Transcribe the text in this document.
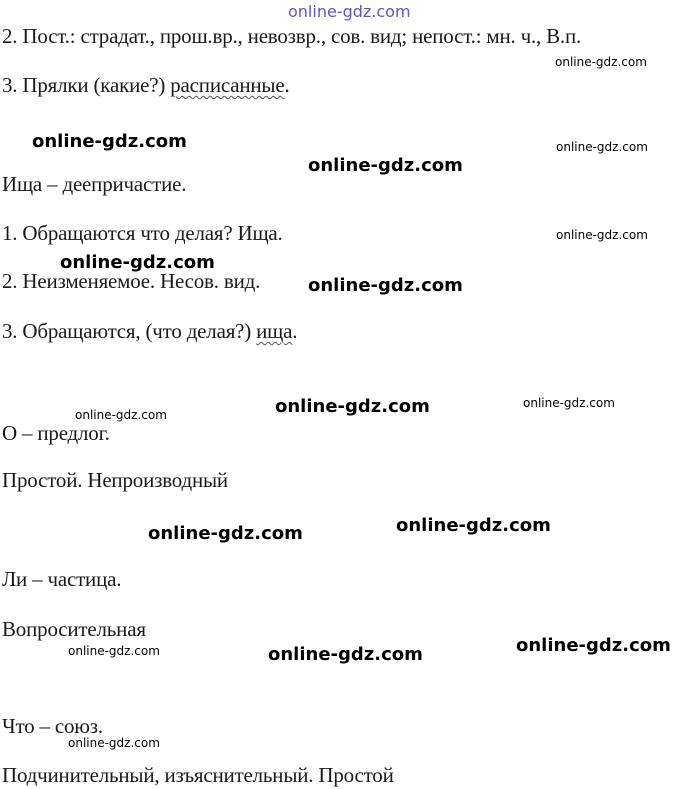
online-gdz.com
2. Пост.: страдат., прош.вр., невозвр., сов. вид; непост.: мн. ч., В.п.
3. Прялки (какие?) расписанные.
Ища – деепричастие.
1. Обращаются что делая? Ища.
2. Неизменяемое. Несов. вид.
3. Обращаются, (что делая?) ища.
О – предлог.
Простой. Непроизводный
Ли – частица.
Вопросительная
Что – союз.
Подчинительный, изъяснительный. Простой
online-gdz.com
online-gdz.com	online-gdz.com
online-gdz.com
online-gdz.com
online-gdz.com
online-gdz.com
online-gdz.com	online-gdz.com
online-gdz.com
online-gdz.com
online-gdz.com
online-gdz.com
online-gdz.com	online-gdz.com
online-gdz.com
